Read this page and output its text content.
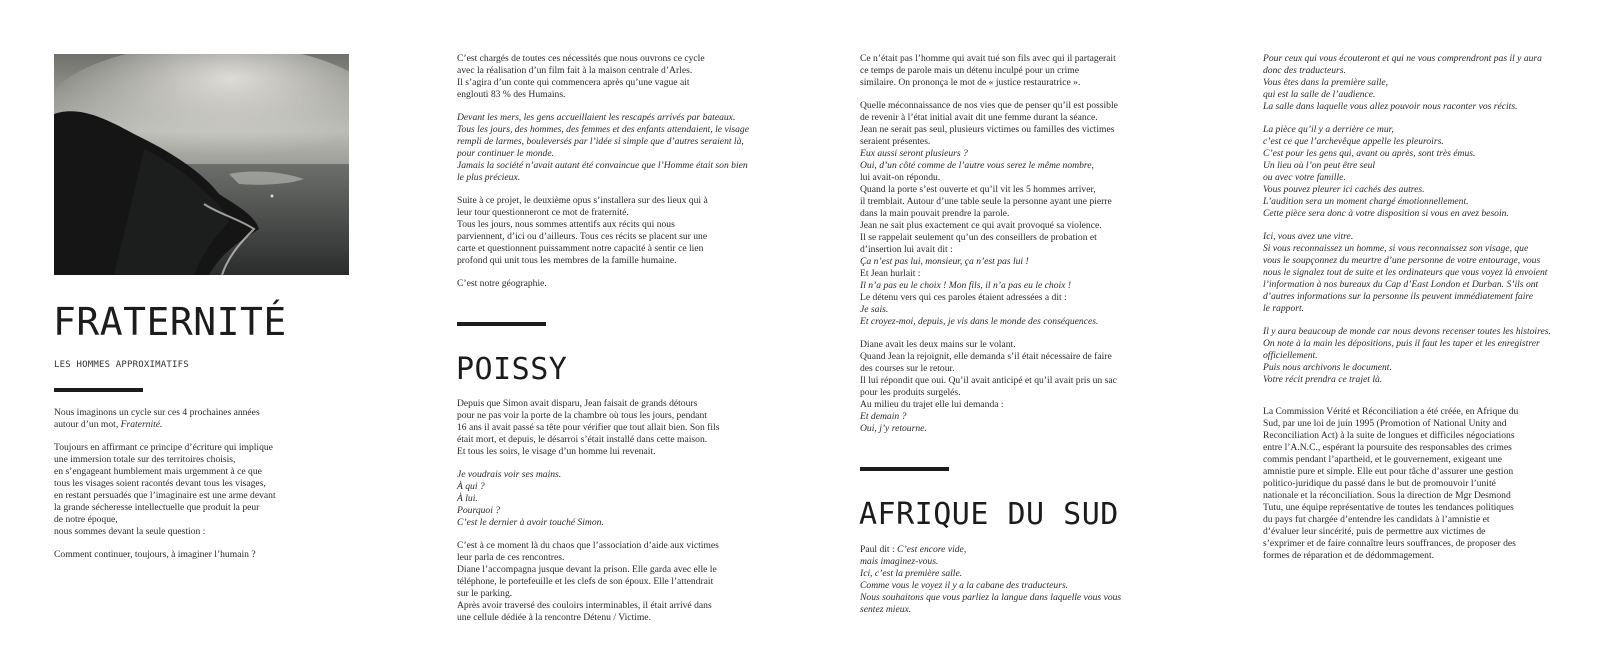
FRATERNITÉ
LES HOMMES APPROXIMATIFS

Nous imaginons un cycle sur ces 4 prochaines années
autour d’un mot, Fraternité.

Toujours en affirmant ce principe d’écriture qui implique
une immersion totale sur des territoires choisis,
en s’engageant humblement mais urgemment à ce que
tous les visages soient racontés devant tous les visages,
en restant persuadés que l’imaginaire est une arme devant
la grande sécheresse intellectuelle que produit la peur
de notre époque,
nous sommes devant la seule question :

Comment continuer, toujours, à imaginer l’humain ?

C’est chargés de toutes ces nécessités que nous ouvrons ce cycle
avec la réalisation d’un film fait à la maison centrale d’Arles.
Il s’agira d’un conte qui commencera après qu’une vague ait
englouti 83 % des Humains.

Devant les mers, les gens accueillaient les rescapés arrivés par bateaux.
Tous les jours, des hommes, des femmes et des enfants attendaient, le visage
rempli de larmes, bouleversés par l’idée si simple que d’autres seraient là,
pour continuer le monde.
Jamais la société n’avait autant été convaincue que l’Homme était son bien
le plus précieux.

Suite à ce projet, le deuxième opus s’installera sur des lieux qui à
leur tour questionneront ce mot de fraternité.
Tous les jours, nous sommes attentifs aux récits qui nous
parviennent, d’ici ou d’ailleurs. Tous ces récits se placent sur une
carte et questionnent puissamment notre capacité à sentir ce lien
profond qui unit tous les membres de la famille humaine.

C’est notre géographie.

POISSY

Depuis que Simon avait disparu, Jean faisait de grands détours
pour ne pas voir la porte de la chambre où tous les jours, pendant
16 ans il avait passé sa tête pour vérifier que tout allait bien. Son fils
était mort, et depuis, le désarroi s’était installé dans cette maison.
Et tous les soirs, le visage d’un homme lui revenait.

Je voudrais voir ses mains.
À qui ?
À lui.
Pourquoi ?
C’est le dernier à avoir touché Simon.

C’est à ce moment là du chaos que l’association d’aide aux victimes
leur parla de ces rencontres.
Diane l’accompagna jusque devant la prison. Elle garda avec elle le
téléphone, le portefeuille et les clefs de son époux. Elle l’attendrait
sur le parking.
Après avoir traversé des couloirs interminables, il était arrivé dans
une cellule dédiée à la rencontre Détenu / Victime.

Ce n’était pas l’homme qui avait tué son fils avec qui il partagerait
ce temps de parole mais un détenu inculpé pour un crime
similaire. On prononça le mot de « justice restauratrice ».

Quelle méconnaissance de nos vies que de penser qu’il est possible
de revenir à l’état initial avait dit une femme durant la séance.
Jean ne serait pas seul, plusieurs victimes ou familles des victimes
seraient présentes.
Eux aussi seront plusieurs ?
Oui, d’un côté comme de l’autre vous serez le même nombre,
lui avait-on répondu.
Quand la porte s’est ouverte et qu’il vit les 5 hommes arriver,
il tremblait. Autour d’une table seule la personne ayant une pierre
dans la main pouvait prendre la parole.
Jean ne sait plus exactement ce qui avait provoqué sa violence.
Il se rappelait seulement qu’un des conseillers de probation et
d’insertion lui avait dit :
Ça n’est pas lui, monsieur, ça n’est pas lui !
Et Jean hurlait :
Il n’a pas eu le choix ! Mon fils, il n’a pas eu le choix !
Le détenu vers qui ces paroles étaient adressées a dit :
Je sais.
Et croyez-moi, depuis, je vis dans le monde des conséquences.

Diane avait les deux mains sur le volant.
Quand Jean la rejoignit, elle demanda s’il était nécessaire de faire
des courses sur le retour.
Il lui répondit que oui. Qu’il avait anticipé et qu’il avait pris un sac
pour les produits surgelés.
Au milieu du trajet elle lui demanda :
Et demain ?
Oui, j’y retourne.

AFRIQUE DU SUD

Paul dit : C’est encore vide,
mais imaginez-vous.
Ici, c’est la première salle.
Comme vous le voyez il y a la cabane des traducteurs.
Nous souhaitons que vous parliez la langue dans laquelle vous vous
sentez mieux.

Pour ceux qui vous écouteront et qui ne vous comprendront pas il y aura
donc des traducteurs.
Vous êtes dans la première salle,
qui est la salle de l’audience.
La salle dans laquelle vous allez pouvoir nous raconter vos récits.

La pièce qu’il y a derrière ce mur,
c’est ce que l’archevêque appelle les pleuroirs.
C’est pour les gens qui, avant ou après, sont très émus.
Un lieu où l’on peut être seul
ou avec votre famille.
Vous pouvez pleurer ici cachés des autres.
L’audition sera un moment chargé émotionnellement.
Cette pièce sera donc à votre disposition si vous en avez besoin.

Ici, vous avez une vitre.
Si vous reconnaissez un homme, si vous reconnaissez son visage, que
vous le soupçonnez du meurtre d’une personne de votre entourage, vous
nous le signalez tout de suite et les ordinateurs que vous voyez là envoient
l’information à nos bureaux du Cap d’East London et Durban. S’ils ont
d’autres informations sur la personne ils peuvent immédiatement faire
le rapport.

Il y aura beaucoup de monde car nous devons recenser toutes les histoires.
On note à la main les dépositions, puis il faut les taper et les enregistrer
officiellement.
Puis nous archivons le document.
Votre récit prendra ce trajet là.

La Commission Vérité et Réconciliation a été créée, en Afrique du
Sud, par une loi de juin 1995 (Promotion of National Unity and
Reconciliation Act) à la suite de longues et difficiles négociations
entre l’A.N.C., espérant la poursuite des responsables des crimes
commis pendant l’apartheid, et le gouvernement, exigeant une
amnistie pure et simple. Elle eut pour tâche d’assurer une gestion
politico-juridique du passé dans le but de promouvoir l’unité
nationale et la réconciliation. Sous la direction de Mgr Desmond
Tutu, une équipe représentative de toutes les tendances politiques
du pays fut chargée d’entendre les candidats à l’amnistie et
d’évaluer leur sincérité, puis de permettre aux victimes de
s’exprimer et de faire connaître leurs souffrances, de proposer des
formes de réparation et de dédommagement.
